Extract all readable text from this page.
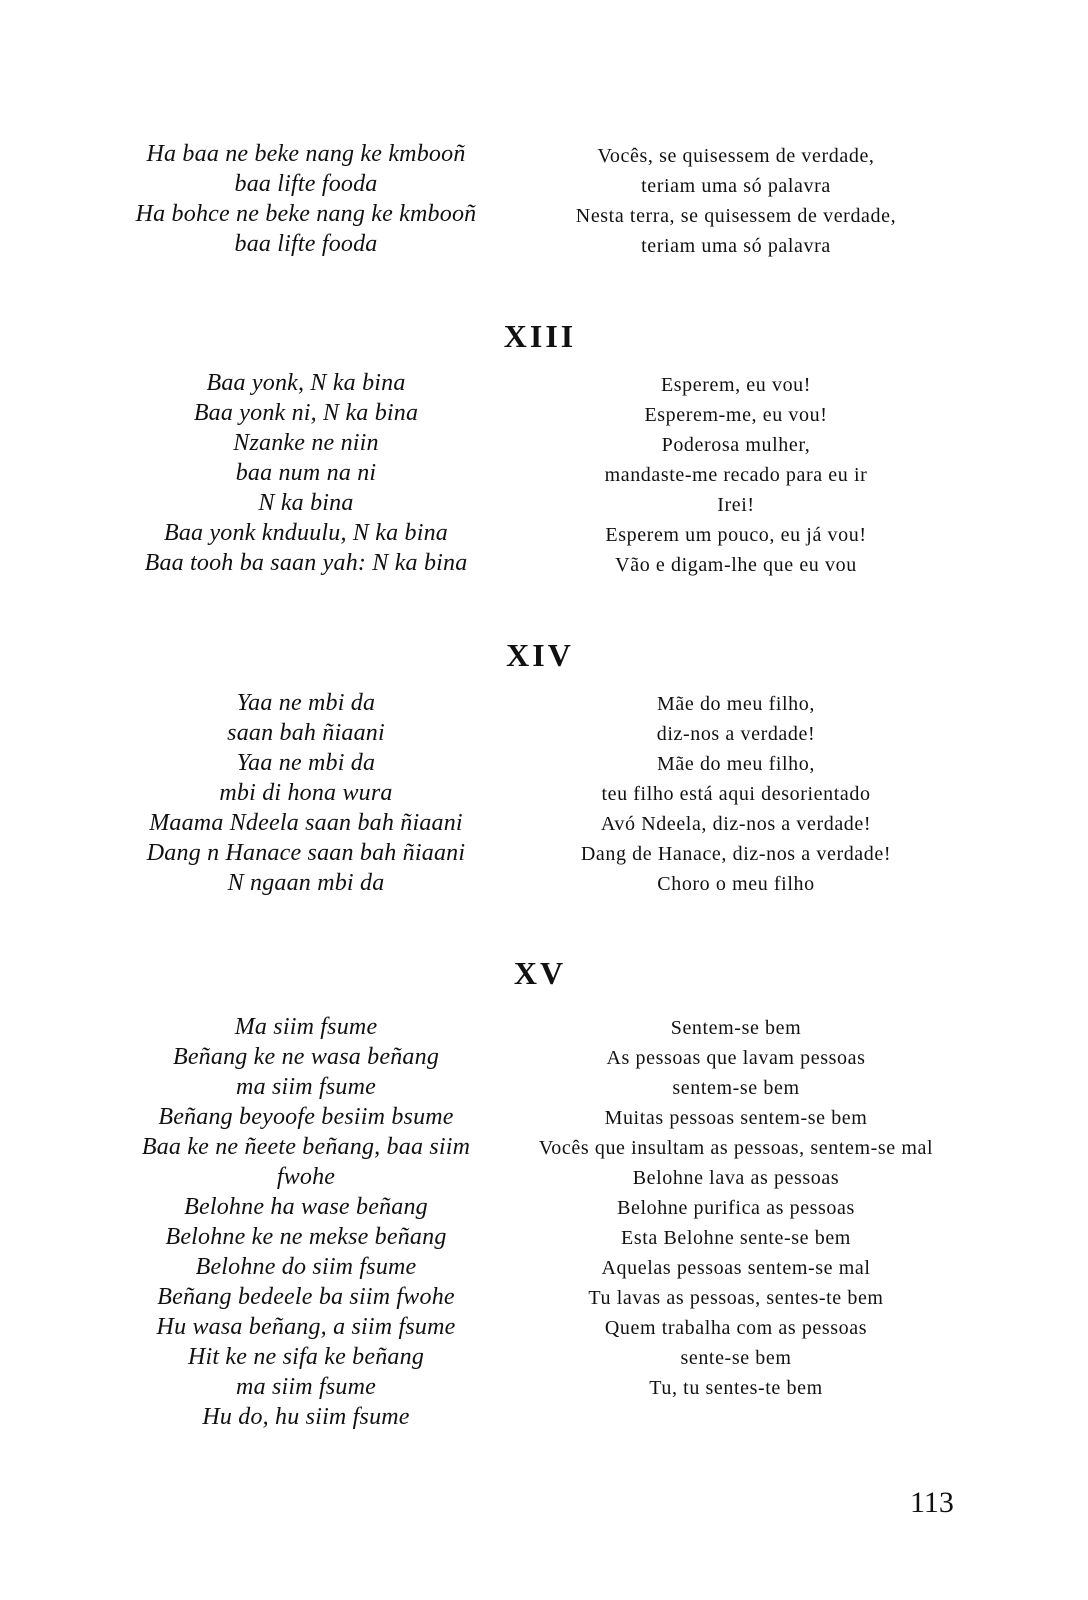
Ha baa ne beke nang ke kmbooñ
baa lifte fooda
Ha bohce ne beke nang ke kmbooñ
baa lifte fooda
Vocês, se quisessem de verdade,
teriam uma só palavra
Nesta terra, se quisessem de verdade,
teriam uma só palavra
XIII
Baa yonk, N ka bina
Baa yonk ni, N ka bina
Nzanke ne niin
baa num na ni
N ka bina
Baa yonk knduulu, N ka bina
Baa tooh ba saan yah: N ka bina
Esperem, eu vou!
Esperem-me, eu vou!
Poderosa mulher,
mandaste-me recado para eu ir
Irei!
Esperem um pouco, eu já vou!
Vão e digam-lhe que eu vou
XIV
Yaa ne mbi da
saan bah ñiaani
Yaa ne mbi da
mbi di hona wura
Maama Ndeela saan bah ñiaani
Dang n Hanace saan bah ñiaani
N ngaan mbi da
Mãe do meu filho,
diz-nos a verdade!
Mãe do meu filho,
teu filho está aqui desorientado
Avó Ndeela, diz-nos a verdade!
Dang de Hanace, diz-nos a verdade!
Choro o meu filho
XV
Ma siim fsume
Beñang ke ne wasa beñang
ma siim fsume
Beñang beyoofe besiim bsume
Baa ke ne ñeete beñang, baa siim fwohe
Belohne ha wase beñang
Belohne ke ne mekse beñang
Belohne do siim fsume
Beñang bedeele ba siim fwohe
Hu wasa beñang, a siim fsume
Hit ke ne sifa ke beñang
ma siim fsume
Hu do, hu siim fsume
Sentem-se bem
As pessoas que lavam pessoas
sentem-se bem
Muitas pessoas sentem-se bem
Vocês que insultam as pessoas, sentem-se mal
Belohne lava as pessoas
Belohne purifica as pessoas
Esta Belohne sente-se bem
Aquelas pessoas sentem-se mal
Tu lavas as pessoas, sentes-te bem
Quem trabalha com as pessoas
sente-se bem
Tu, tu sentes-te bem
113
